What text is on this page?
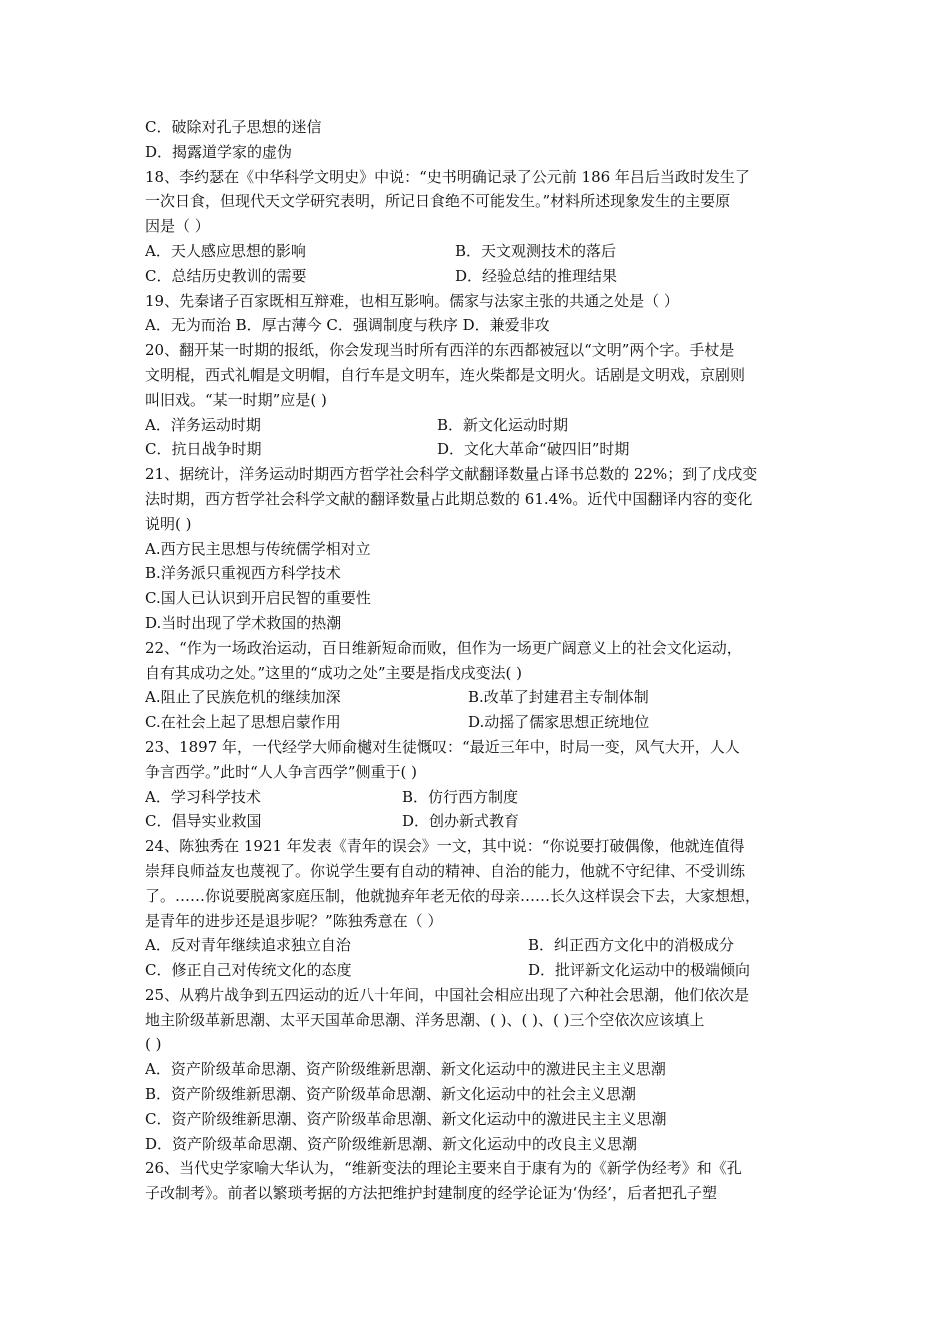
C．破除对孔子思想的迷信
D．揭露道学家的虚伪
18、李约瑟在《中华科学文明史》中说：“史书明确记录了公元前 186 年吕后当政时发生了
一次日食，但现代天文学研究表明，所记日食绝不可能发生。”材料所述现象发生的主要原
因是（ ）
A．天人感应思想的影响	B．天文观测技术的落后
C．总结历史教训的需要	D．经验总结的推理结果
19、先秦诸子百家既相互辩难，也相互影响。儒家与法家主张的共通之处是（ ）
A．无为而治 B．厚古薄今 C．强调制度与秩序 D．兼爱非攻
20、翻开某一时期的报纸，你会发现当时所有西洋的东西都被冠以“文明”两个字。手杖是
文明棍，西式礼帽是文明帽，自行车是文明车，连火柴都是文明火。话剧是文明戏，京剧则
叫旧戏。“某一时期”应是( )
A．洋务运动时期	B．新文化运动时期
C．抗日战争时期	D．文化大革命“破四旧”时期
21、据统计，洋务运动时期西方哲学社会科学文献翻译数量占译书总数的 22%；到了戊戌变
法时期，西方哲学社会科学文献的翻译数量占此期总数的 61.4%。近代中国翻译内容的变化
说明( )
A.西方民主思想与传统儒学相对立
B.洋务派只重视西方科学技术
C.国人已认识到开启民智的重要性
D.当时出现了学术救国的热潮
22、“作为一场政治运动，百日维新短命而败，但作为一场更广阔意义上的社会文化运动，
自有其成功之处。”这里的“成功之处”主要是指戊戌变法( )
A.阻止了民族危机的继续加深	B.改革了封建君主专制体制
C.在社会上起了思想启蒙作用	D.动摇了儒家思想正统地位
23、1897 年，一代经学大师俞樾对生徒慨叹：“最近三年中，时局一变，风气大开，人人
争言西学。”此时“人人争言西学”侧重于( )
A．学习科学技术	B．仿行西方制度
C．倡导实业救国	D．创办新式教育
24、陈独秀在 1921 年发表《青年的误会》一文，其中说：“你说要打破偶像，他就连值得
崇拜良师益友也蔑视了。你说学生要有自动的精神、自治的能力，他就不守纪律、不受训练
了。……你说要脱离家庭压制，他就抛弃年老无依的母亲……长久这样误会下去，大家想想，
是青年的进步还是退步呢？”陈独秀意在（ ）
A．反对青年继续追求独立自治	B．纠正西方文化中的消极成分
C．修正自己对传统文化的态度	D．批评新文化运动中的极端倾向
25、从鸦片战争到五四运动的近八十年间，中国社会相应出现了六种社会思潮，他们依次是
地主阶级革新思潮、太平天国革命思潮、洋务思潮、( )、( )、( )三个空依次应该填上
( )
A．资产阶级革命思潮、资产阶级维新思潮、新文化运动中的激进民主主义思潮
B．资产阶级维新思潮、资产阶级革命思潮、新文化运动中的社会主义思潮
C．资产阶级维新思潮、资产阶级革命思潮、新文化运动中的激进民主主义思潮
D．资产阶级革命思潮、资产阶级维新思潮、新文化运动中的改良主义思潮
26、当代史学家喻大华认为，“维新变法的理论主要来自于康有为的《新学伪经考》和《孔
子改制考》。前者以繁琐考据的方法把维护封建制度的经学论证为‘伪经’，后者把孔子塑
